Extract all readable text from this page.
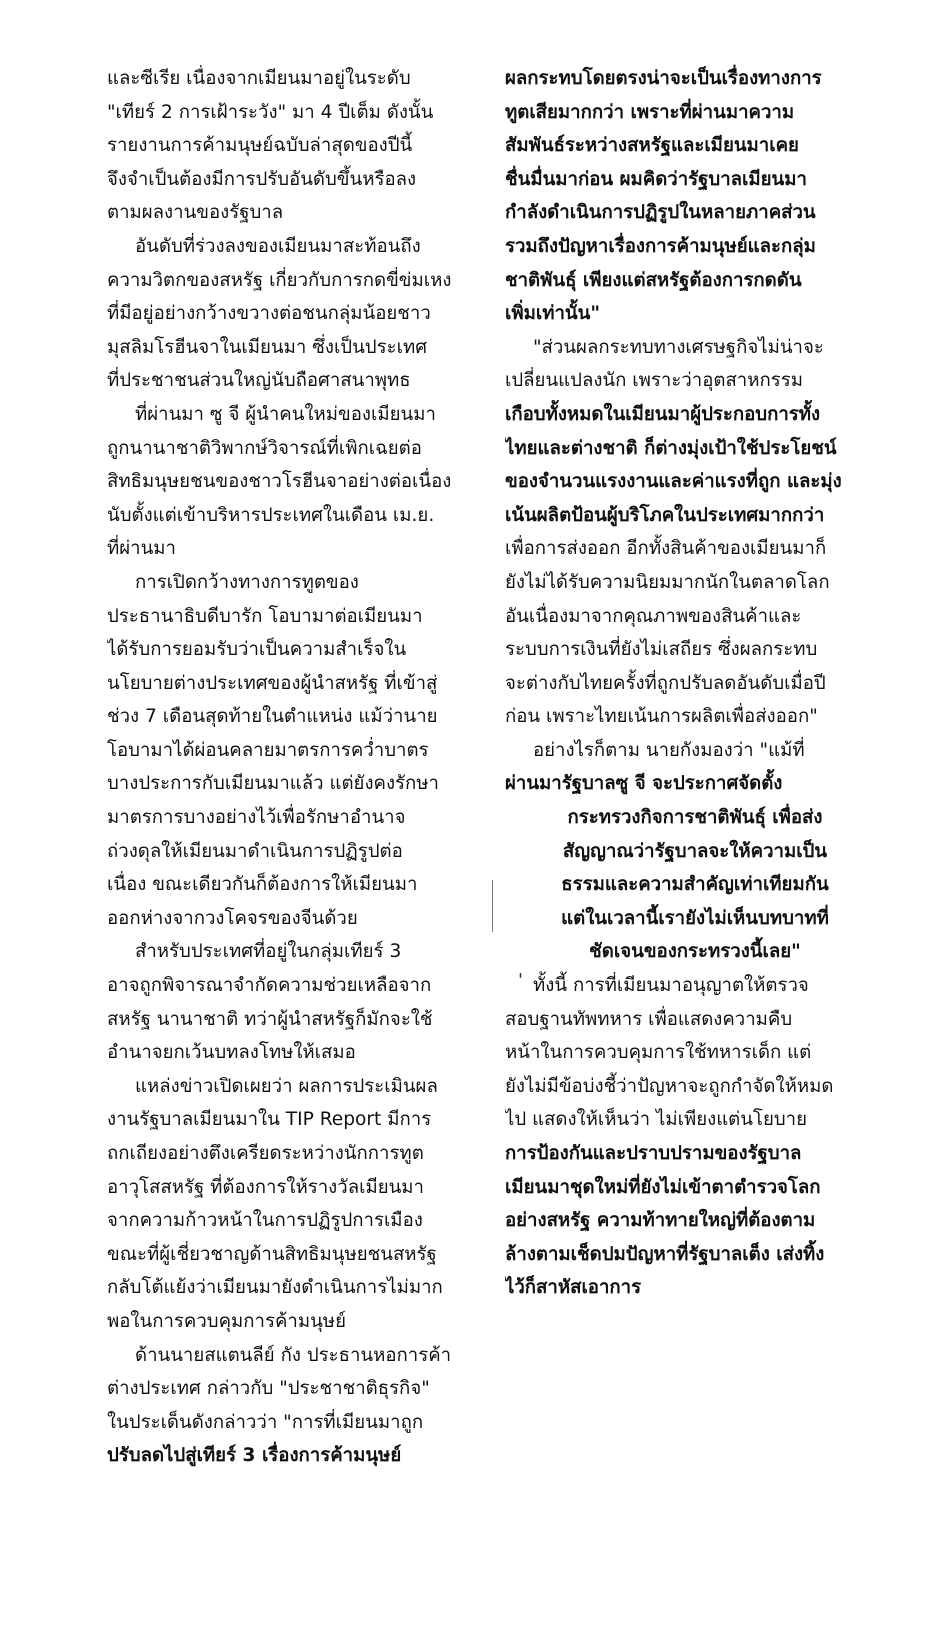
และซีเรีย เนื่องจากเมียนมาอยู่ในระดับ
"เทียร์ 2 การเฝ้าระวัง" มา 4 ปีเต็ม ดังนั้น
รายงานการค้ามนุษย์ฉบับล่าสุดของปีนี้
จึงจำเป็นต้องมีการปรับอันดับขึ้นหรือลง
ตามผลงานของรัฐบาล
อันดับที่ร่วงลงของเมียนมาสะท้อนถึง
ความวิตกของสหรัฐ เกี่ยวกับการกดขี่ข่มเหง
ที่มีอยู่อย่างกว้างขวางต่อชนกลุ่มน้อยชาว
มุสลิมโรฮีนจาในเมียนมา ซึ่งเป็นประเทศ
ที่ประชาชนส่วนใหญ่นับถือศาสนาพุทธ
ที่ผ่านมา ซู จี ผู้นำคนใหม่ของเมียนมา
ถูกนานาชาติวิพากษ์วิจารณ์ที่เพิกเฉยต่อ
สิทธิมนุษยชนของชาวโรฮีนจาอย่างต่อเนื่อง
นับตั้งแต่เข้าบริหารประเทศในเดือน เม.ย.
ที่ผ่านมา
การเปิดกว้างทางการทูตของ
ประธานาธิบดีบารัก โอบามาต่อเมียนมา
ได้รับการยอมรับว่าเป็นความสำเร็จใน
นโยบายต่างประเทศของผู้นำสหรัฐ ที่เข้าสู่
ช่วง 7 เดือนสุดท้ายในตำแหน่ง แม้ว่านาย
โอบามาได้ผ่อนคลายมาตรการคว่ำบาตร
บางประการกับเมียนมาแล้ว แต่ยังคงรักษา
มาตรการบางอย่างไว้เพื่อรักษาอำนาจ
ถ่วงดุลให้เมียนมาดำเนินการปฏิรูปต่อ
เนื่อง ขณะเดียวกันก็ต้องการให้เมียนมา
ออกห่างจากวงโคจรของจีนด้วย
สำหรับประเทศที่อยู่ในกลุ่มเทียร์ 3
อาจถูกพิจารณาจำกัดความช่วยเหลือจาก
สหรัฐ นานาชาติ ทว่าผู้นำสหรัฐก็มักจะใช้
อำนาจยกเว้นบทลงโทษให้เสมอ
แหล่งข่าวเปิดเผยว่า ผลการประเมินผล
งานรัฐบาลเมียนมาใน TIP Report มีการ
ถกเถียงอย่างตึงเครียดระหว่างนักการทูต
อาวุโสสหรัฐ ที่ต้องการให้รางวัลเมียนมา
จากความก้าวหน้าในการปฏิรูปการเมือง
ขณะที่ผู้เชี่ยวชาญด้านสิทธิมนุษยชนสหรัฐ
กลับโต้แย้งว่าเมียนมายังดำเนินการไม่มาก
พอในการควบคุมการค้ามนุษย์
ด้านนายสแตนลีย์ กัง ประธานหอการค้า
ต่างประเทศ กล่าวกับ "ประชาชาติธุรกิจ"
ในประเด็นดังกล่าวว่า "การที่เมียนมาถูก
ปรับลดไปสู่เทียร์ 3 เรื่องการค้ามนุษย์
ผลกระทบโดยตรงน่าจะเป็นเรื่องทางการ
ทูตเสียมากกว่า เพราะที่ผ่านมาความ
สัมพันธ์ระหว่างสหรัฐและเมียนมาเคย
ชื่นมื่นมาก่อน ผมคิดว่ารัฐบาลเมียนมา
กำลังดำเนินการปฏิรูปในหลายภาคส่วน
รวมถึงปัญหาเรื่องการค้ามนุษย์และกลุ่ม
ชาติพันธุ์ เพียงแต่สหรัฐต้องการกดดัน
เพิ่มเท่านั้น"
"ส่วนผลกระทบทางเศรษฐกิจไม่น่าจะ
เปลี่ยนแปลงนัก เพราะว่าอุตสาหกรรม
เกือบทั้งหมดในเมียนมาผู้ประกอบการทั้ง
ไทยและต่างชาติ ก็ต่างมุ่งเป้าใช้ประโยชน์
ของจำนวนแรงงานและค่าแรงที่ถูก และมุ่ง
เน้นผลิตป้อนผู้บริโภคในประเทศมากกว่า
เพื่อการส่งออก อีกทั้งสินค้าของเมียนมาก็
ยังไม่ได้รับความนิยมมากนักในตลาดโลก
อันเนื่องมาจากคุณภาพของสินค้าและ
ระบบการเงินที่ยังไม่เสถียร ซึ่งผลกระทบ
จะต่างกับไทยครั้งที่ถูกปรับลดอันดับเมื่อปี
ก่อน เพราะไทยเน้นการผลิตเพื่อส่งออก"
อย่างไรก็ตาม นายกังมองว่า "แม้ที่
ผ่านมารัฐบาลซู จี จะประกาศจัดตั้ง
กระทรวงกิจการชาติพันธุ์ เพื่อส่ง
สัญญาณว่ารัฐบาลจะให้ความเป็น
ธรรมและความสำคัญเท่าเทียมกัน
แต่ในเวลานี้เรายังไม่เห็นบทบาทที่
ชัดเจนของกระทรวงนี้เลย"
ทั้งนี้ การที่เมียนมาอนุญาตให้ตรวจ
สอบฐานทัพทหาร เพื่อแสดงความคืบ
หน้าในการควบคุมการใช้ทหารเด็ก แต่
ยังไม่มีข้อบ่งชี้ว่าปัญหาจะถูกกำจัดให้หมด
ไป แสดงให้เห็นว่า ไม่เพียงแต่นโยบาย
การป้องกันและปราบปรามของรัฐบาล
เมียนมาชุดใหม่ที่ยังไม่เข้าตาตำรวจโลก
อย่างสหรัฐ ความท้าทายใหญ่ที่ต้องตาม
ล้างตามเช็ดปมปัญหาที่รัฐบาลเต็ง เส่งทิ้ง
ไว้ก็สาหัสเอาการ
'
